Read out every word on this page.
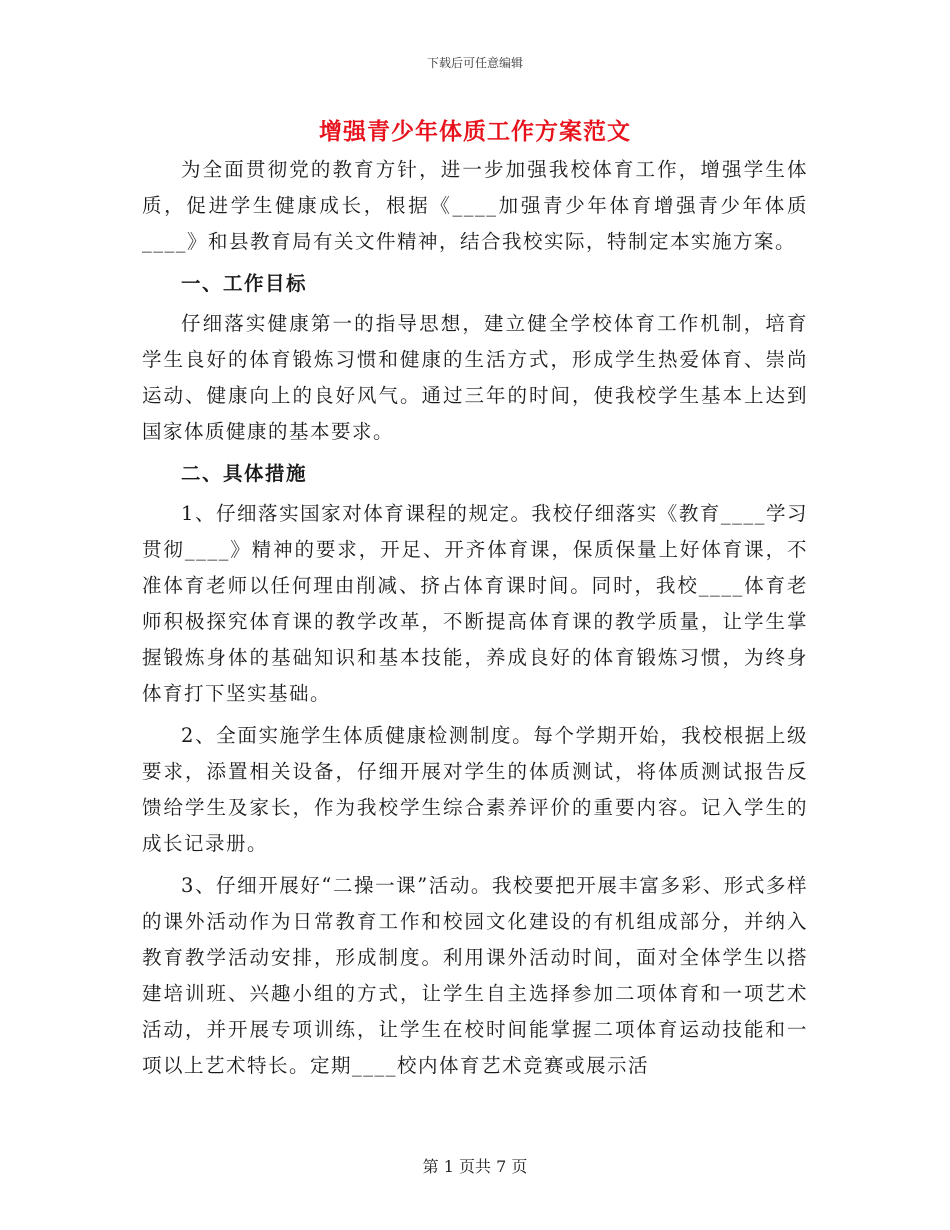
下载后可任意编辑
增强青少年体质工作方案范文

为全面贯彻党的教育方针，进一步加强我校体育工作，增强学生体质，促进学生健康成长，根据《____加强青少年体育增强青少年体质____》和县教育局有关文件精神，结合我校实际，特制定本实施方案。

一、工作目标

仔细落实健康第一的指导思想，建立健全学校体育工作机制，培育学生良好的体育锻炼习惯和健康的生活方式，形成学生热爱体育、崇尚运动、健康向上的良好风气。通过三年的时间，使我校学生基本上达到国家体质健康的基本要求。

二、具体措施

1、仔细落实国家对体育课程的规定。我校仔细落实《教育____学习贯彻____》精神的要求，开足、开齐体育课，保质保量上好体育课，不准体育老师以任何理由削减、挤占体育课时间。同时，我校____体育老师积极探究体育课的教学改革，不断提高体育课的教学质量，让学生掌握锻炼身体的基础知识和基本技能，养成良好的体育锻炼习惯，为终身体育打下坚实基础。

2、全面实施学生体质健康检测制度。每个学期开始，我校根据上级要求，添置相关设备，仔细开展对学生的体质测试，将体质测试报告反馈给学生及家长，作为我校学生综合素养评价的重要内容。记入学生的成长记录册。

3、仔细开展好“二操一课”活动。我校要把开展丰富多彩、形式多样的课外活动作为日常教育工作和校园文化建设的有机组成部分，并纳入教育教学活动安排，形成制度。利用课外活动时间，面对全体学生以搭建培训班、兴趣小组的方式，让学生自主选择参加二项体育和一项艺术活动，并开展专项训练，让学生在校时间能掌握二项体育运动技能和一项以上艺术特长。定期____校内体育艺术竞赛或展示活

第 1 页共 7 页
